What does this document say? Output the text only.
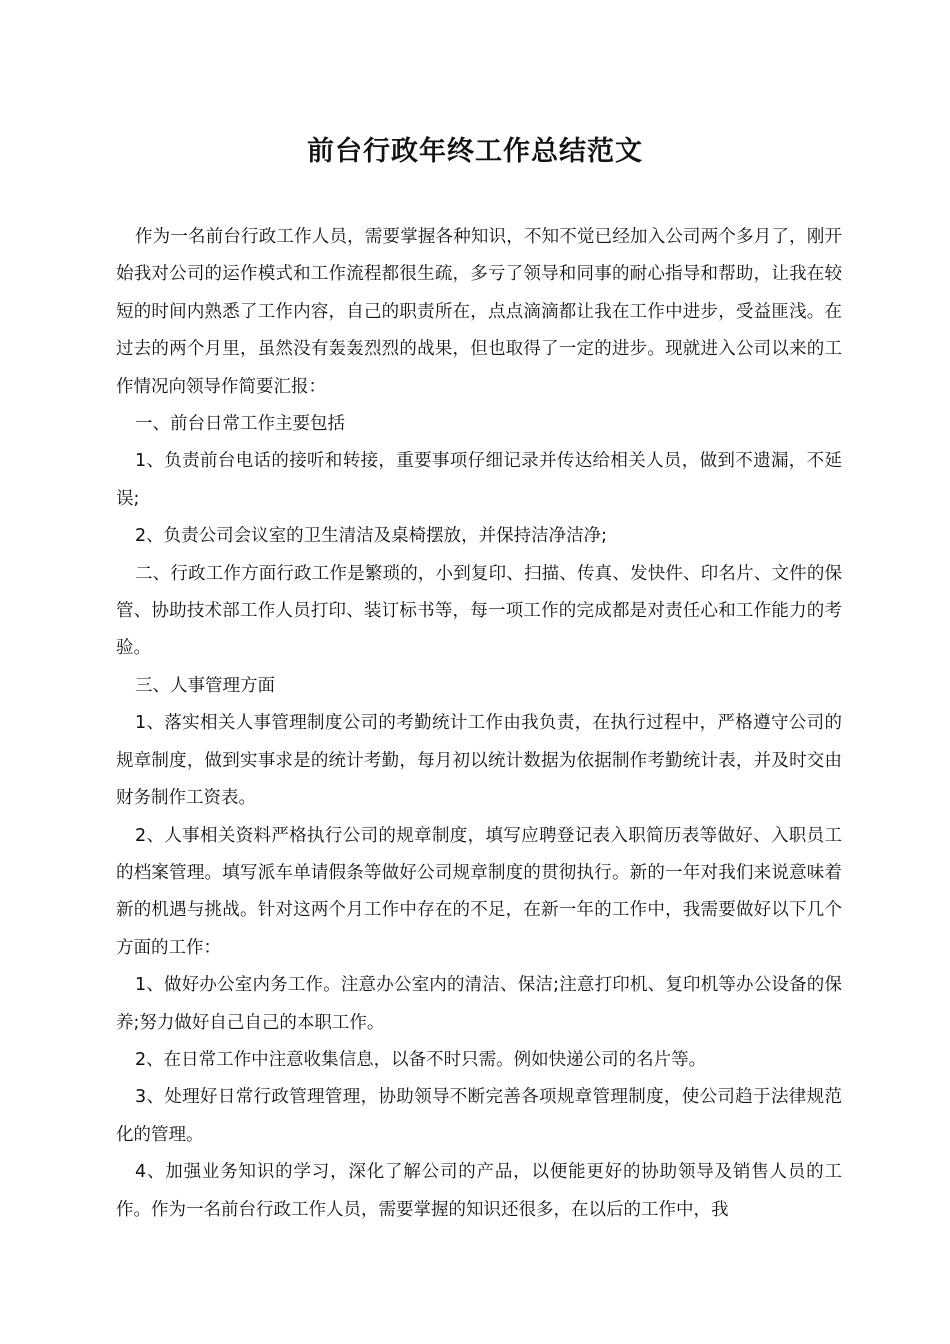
前台行政年终工作总结范文

作为一名前台行政工作人员，需要掌握各种知识，不知不觉已经加入公司两个多月了，刚开始我对公司的运作模式和工作流程都很生疏，多亏了领导和同事的耐心指导和帮助，让我在较短的时间内熟悉了工作内容，自己的职责所在，点点滴滴都让我在工作中进步，受益匪浅。在过去的两个月里，虽然没有轰轰烈烈的战果，但也取得了一定的进步。现就进入公司以来的工作情况向领导作简要汇报：

一、前台日常工作主要包括

1、负责前台电话的接听和转接，重要事项仔细记录并传达给相关人员，做到不遗漏，不延误;

2、负责公司会议室的卫生清洁及桌椅摆放，并保持洁净洁净;

二、行政工作方面行政工作是繁琐的，小到复印、扫描、传真、发快件、印名片、文件的保管、协助技术部工作人员打印、装订标书等，每一项工作的完成都是对责任心和工作能力的考验。

三、人事管理方面

1、落实相关人事管理制度公司的考勤统计工作由我负责，在执行过程中，严格遵守公司的规章制度，做到实事求是的统计考勤，每月初以统计数据为依据制作考勤统计表，并及时交由财务制作工资表。

2、人事相关资料严格执行公司的规章制度，填写应聘登记表入职简历表等做好、入职员工的档案管理。填写派车单请假条等做好公司规章制度的贯彻执行。新的一年对我们来说意味着新的机遇与挑战。针对这两个月工作中存在的不足，在新一年的工作中，我需要做好以下几个方面的工作：

1、做好办公室内务工作。注意办公室内的清洁、保洁;注意打印机、复印机等办公设备的保养;努力做好自己自己的本职工作。

2、在日常工作中注意收集信息，以备不时只需。例如快递公司的名片等。

3、处理好日常行政管理管理，协助领导不断完善各项规章管理制度，使公司趋于法律规范化的管理。

4、加强业务知识的学习，深化了解公司的产品，以便能更好的协助领导及销售人员的工作。作为一名前台行政工作人员，需要掌握的知识还很多，在以后的工作中，我
